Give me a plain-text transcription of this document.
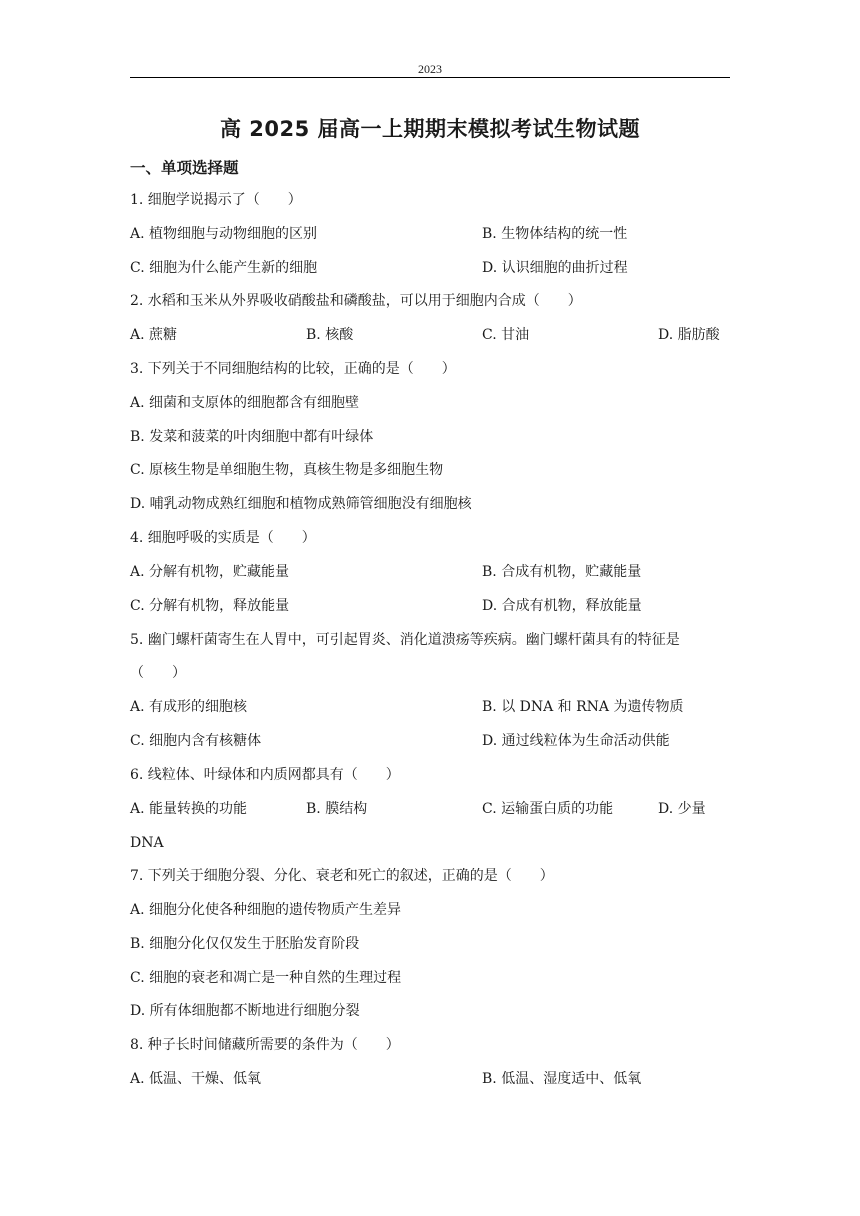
2023
高 2025 届高一上期期末模拟考试生物试题
一、单项选择题
1. 细胞学说揭示了（　　）
A. 植物细胞与动物细胞的区别	B. 生物体结构的统一性
C. 细胞为什么能产生新的细胞	D. 认识细胞的曲折过程
2. 水稻和玉米从外界吸收硝酸盐和磷酸盐，可以用于细胞内合成（　　）
A. 蔗糖	B. 核酸	C. 甘油	D. 脂肪酸
3. 下列关于不同细胞结构的比较，正确的是（　　）
A. 细菌和支原体的细胞都含有细胞壁
B. 发菜和菠菜的叶肉细胞中都有叶绿体
C. 原核生物是单细胞生物，真核生物是多细胞生物
D. 哺乳动物成熟红细胞和植物成熟筛管细胞没有细胞核
4. 细胞呼吸的实质是（　　）
A. 分解有机物，贮藏能量	B. 合成有机物，贮藏能量
C. 分解有机物，释放能量	D. 合成有机物，释放能量
5. 幽门螺杆菌寄生在人胃中，可引起胃炎、消化道溃疡等疾病。幽门螺杆菌具有的特征是
（　　）
A. 有成形的细胞核	B. 以 DNA 和 RNA 为遗传物质
C. 细胞内含有核糖体	D. 通过线粒体为生命活动供能
6. 线粒体、叶绿体和内质网都具有（　　）
A. 能量转换的功能	B. 膜结构	C. 运输蛋白质的功能	D. 少量
DNA
7. 下列关于细胞分裂、分化、衰老和死亡的叙述，正确的是（　　）
A. 细胞分化使各种细胞的遗传物质产生差异
B. 细胞分化仅仅发生于胚胎发育阶段
C. 细胞的衰老和凋亡是一种自然的生理过程
D. 所有体细胞都不断地进行细胞分裂
8. 种子长时间储藏所需要的条件为（　　）
A. 低温、干燥、低氧	B. 低温、湿度适中、低氧
